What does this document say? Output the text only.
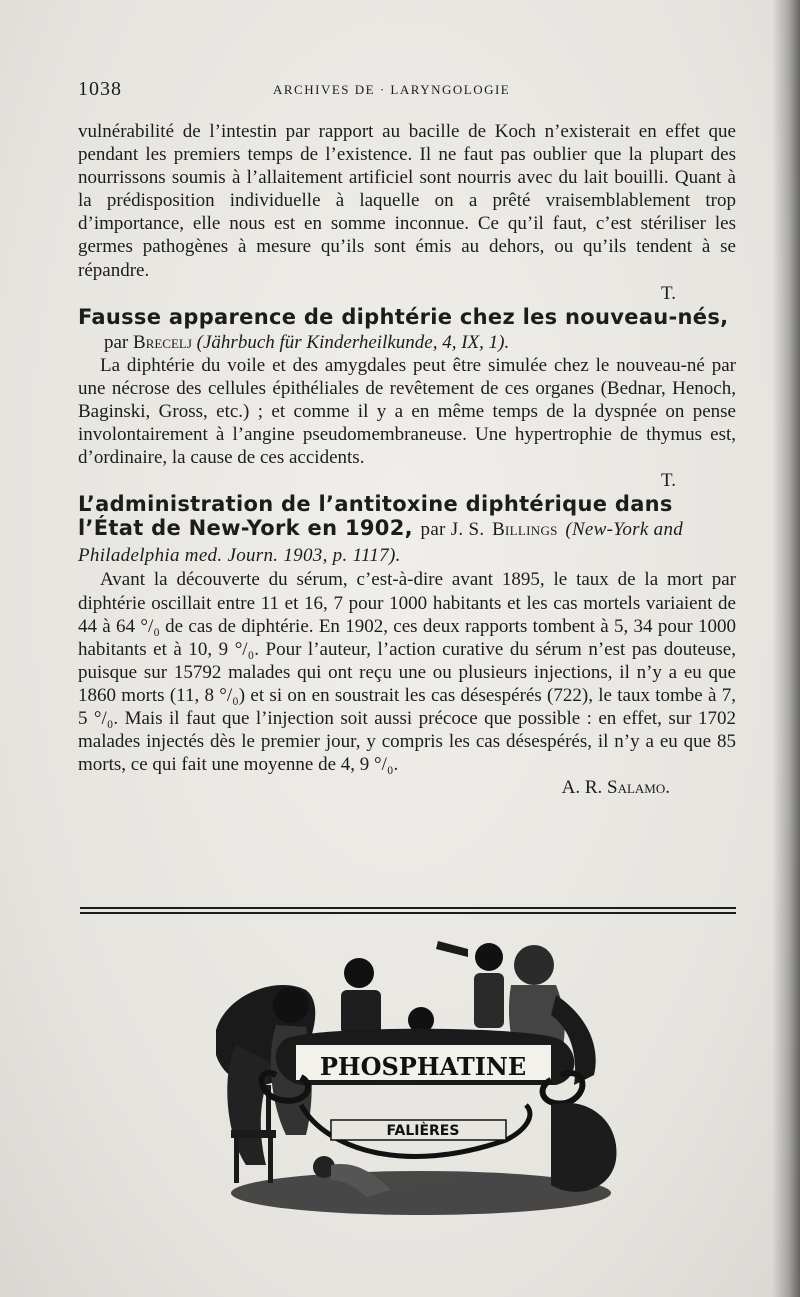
1038	ARCHIVES DE · LARYNGOLOGIE

vulnérabilité de l’intestin par rapport au bacille de Koch n’existerait en effet que pendant les premiers temps de l’existence. Il ne faut pas oublier que la plupart des nourrissons soumis à l’allaitement artificiel sont nourris avec du lait bouilli. Quant à la prédisposition individuelle à laquelle on a prêté vraisemblablement trop d’importance, elle nous est en somme inconnue. Ce qu’il faut, c’est stériliser les germes pathogènes à mesure qu’ils sont émis au dehors, ou qu’ils tendent à se répandre.

T.

Fausse apparence de diphtérie chez les nouveau-nés,

par Brecelj (Jährbuch für Kinderheilkunde, 4, IX, 1).

La diphtérie du voile et des amygdales peut être simulée chez le nouveau-né par une nécrose des cellules épithéliales de revêtement de ces organes (Bednar, Henoch, Baginski, Gross, etc.) ; et comme il y a en même temps de la dyspnée on pense involontairement à l’angine pseudomembraneuse. Une hypertrophie de thymus est, d’ordinaire, la cause de ces accidents.

T.

L’administration de l’antitoxine diphtérique dans l’État de New-York en 1902, par J. S. Billings (New-York and Philadelphia med. Journ. 1903, p. 1117).

Avant la découverte du sérum, c’est-à-dire avant 1895, le taux de la mort par diphtérie oscillait entre 11 et 16, 7 pour 1000 habitants et les cas mortels variaient de 44 à 64 °/₀ de cas de diphtérie. En 1902, ces deux rapports tombent à 5, 34 pour 1000 habitants et à 10, 9 °/₀. Pour l’auteur, l’action curative du sérum n’est pas douteuse, puisque sur 15792 malades qui ont reçu une ou plusieurs injections, il n’y a eu que 1860 morts (11, 8 °/₀) et si on en soustrait les cas désespérés (722), le taux tombe à 7, 5 °/₀. Mais il faut que l’injection soit aussi précoce que possible : en effet, sur 1702 malades injectés dès le premier jour, y compris les cas désespérés, il n’y a eu que 85 morts, ce qui fait une moyenne de 4, 9 °/₀.

A. R. Salamo.

PHOSPHATINE
FALIÈRES
